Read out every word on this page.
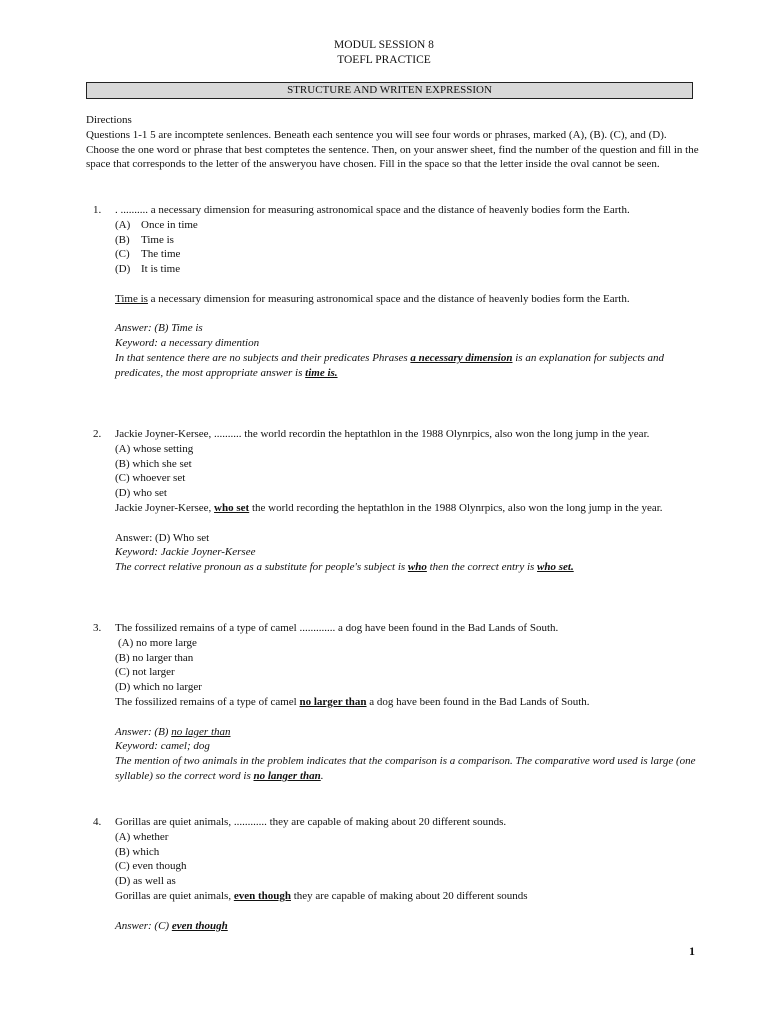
MODUL SESSION 8
TOEFL PRACTICE
STRUCTURE AND WRITEN EXPRESSION

Directions

Questions 1-1 5 are incomptete senlences. Beneath each sentence you will see four words or phrases, marked (A), (B). (C), and (D). Choose the one word or phrase that best comptetes the sentence. Then, on your answer sheet, find the number of the question and fill in the space that corresponds to the letter of the answeryou have chosen. Fill in the space so that the letter inside the oval cannot be seen.

1. . .......... a necessary dimension for measuring astronomical space and the distance of heavenly bodies form the Earth.

(A) Once in time
(B) Time is
(C) The time
(D) It is time

Time is a necessary dimension for measuring astronomical space and the distance of heavenly bodies form the Earth.

Answer: (B) Time is

Keyword: a necessary dimention

In that sentence there are no subjects and their predicates Phrases a necessary dimension is an explanation for subjects and predicates, the most appropriate answer is time is.

2. Jackie Joyner-Kersee, .......... the world recordin the heptathlon in the 1988 Olynrpics, also won the long jump in the year.

(A) whose setting
(B) which she set
(C) whoever set
(D) who set

Jackie Joyner-Kersee, who set the world recording the heptathlon in the 1988 Olynrpics, also won the long jump in the year.

Answer: (D) Who set

Keyword: Jackie Joyner-Kersee

The correct relative pronoun as a substitute for people's subject is who then the correct entry is who set.

3. The fossilized remains of a type of camel ............. a dog have been found in the Bad Lands of South.

(A) no more large
(B) no larger than
(C) not larger
(D) which no larger

The fossilized remains of a type of camel no larger than a dog have been found in the Bad Lands of South.

Answer: (B) no lager than

Keyword: camel; dog

The mention of two animals in the problem indicates that the comparison is a comparison. The comparative word used is large (one syllable) so the correct word is no langer than.

4. Gorillas are quiet animals, ............ they are capable of making about 20 different sounds.

(A) whether
(B) which
(C) even though
(D) as well as

Gorillas are quiet animals, even though they are capable of making about 20 different sounds

Answer: (C) even though

1
